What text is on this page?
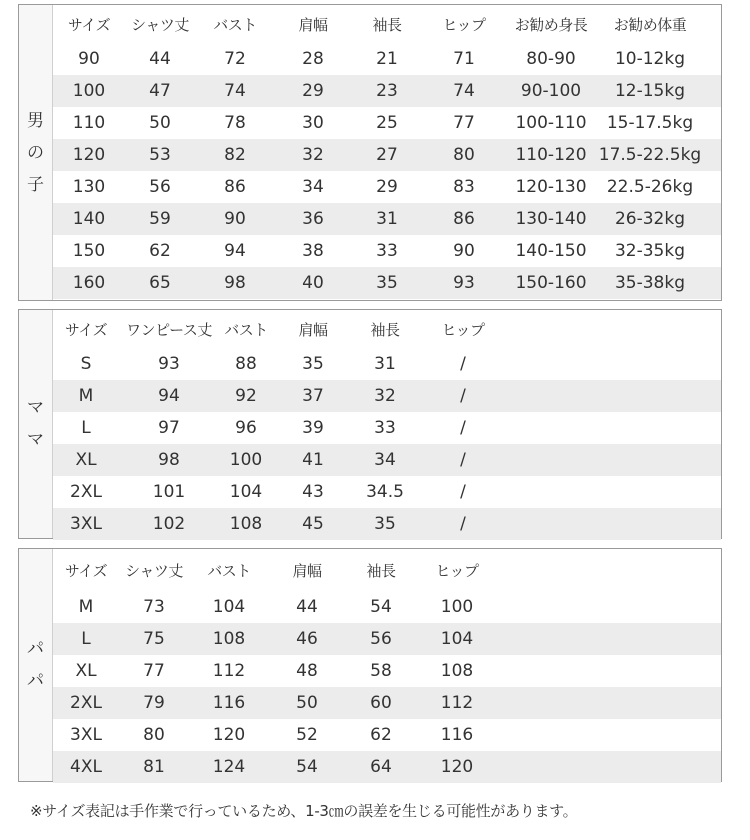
男
の
子
サイズ	シャツ丈	バスト	肩幅	袖長	ヒップ	お勧め身長	お勧め体重
90	44	72	28	21	71	80-90	10-12kg
100	47	74	29	23	74	90-100	12-15kg
110	50	78	30	25	77	100-110	15-17.5kg
120	53	82	32	27	80	110-120 17.5-22.5kg
130	56	86	34	29	83	120-130	22.5-26kg
140	59	90	36	31	86	130-140	26-32kg
150	62	94	38	33	90	140-150	32-35kg
160	65	98	40	35	93	150-160	35-38kg
マ
マ
サイズ	ワンピース丈 バスト	肩幅	袖長	ヒップ
S	93	88	35	31	/
M	94	92	37	32	/
L	97	96	39	33	/
XL	98	100	41	34	/
2XL	101	104	43	34.5	/
3XL	102	108	45	35	/
パ
パ
サイズ	シャツ丈	バスト	肩幅	袖長	ヒップ
M	73	104	44	54	100
L	75	108	46	56	104
XL	77	112	48	58	108
2XL	79	116	50	60	112
3XL	80	120	52	62	116
4XL	81	124	54	64	120
※サイズ表記は手作業で行っているため、1-3㎝の誤差を生じる可能性があります。
